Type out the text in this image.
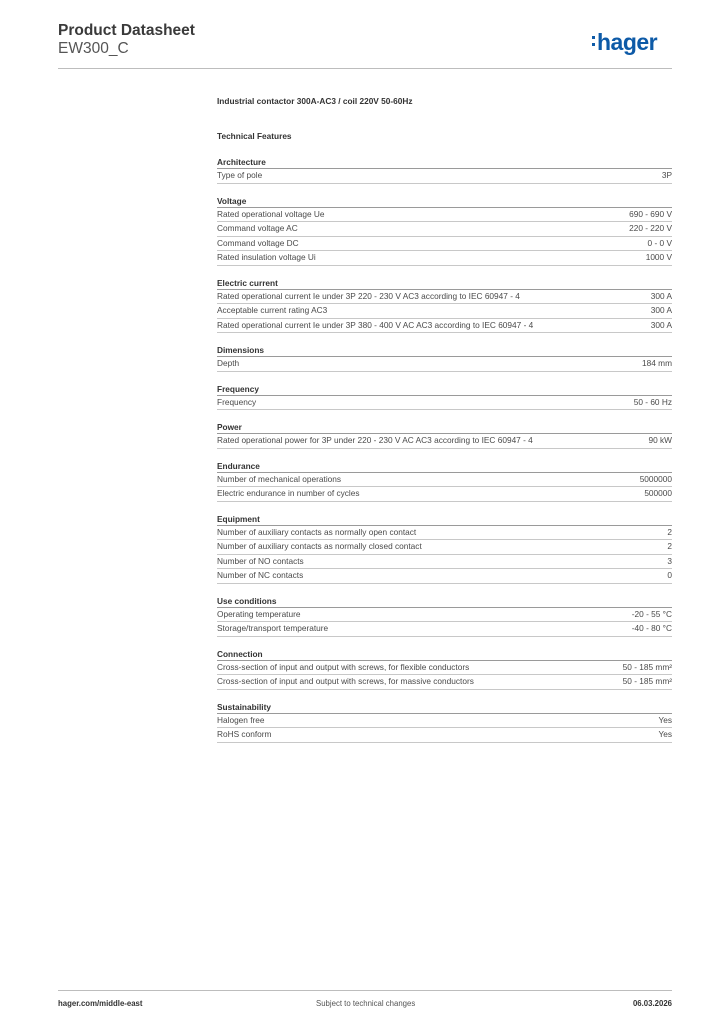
Product Datasheet
EW300_C	hager
Industrial contactor 300A-AC3 / coil 220V 50-60Hz
Technical Features
Architecture
Type of pole	3P
Voltage
Rated operational voltage Ue	690 - 690 V
Command voltage AC	220 - 220 V
Command voltage DC	0 - 0 V
Rated insulation voltage Ui	1000 V
Electric current
Rated operational current Ie under 3P 220 - 230 V AC3 according to IEC 60947 - 4	300 A
Acceptable current rating AC3	300 A
Rated operational current Ie under 3P 380 - 400 V AC AC3 according to IEC 60947 - 4	300 A
Dimensions
Depth	184 mm
Frequency
Frequency	50 - 60 Hz
Power
Rated operational power for 3P under 220 - 230 V AC AC3 according to IEC 60947 - 4	90 kW
Endurance
Number of mechanical operations	5000000
Electric endurance in number of cycles	500000
Equipment
Number of auxiliary contacts as normally open contact	2
Number of auxiliary contacts as normally closed contact	2
Number of NO contacts	3
Number of NC contacts	0
Use conditions
Operating temperature	-20 - 55 °C
Storage/transport temperature	-40 - 80 °C
Connection
Cross-section of input and output with screws, for flexible conductors	50 - 185 mm²
Cross-section of input and output with screws, for massive conductors	50 - 185 mm²
Sustainability
Halogen free	Yes
RoHS conform	Yes
hager.com/middle-east	Subject to technical changes	06.03.2026
